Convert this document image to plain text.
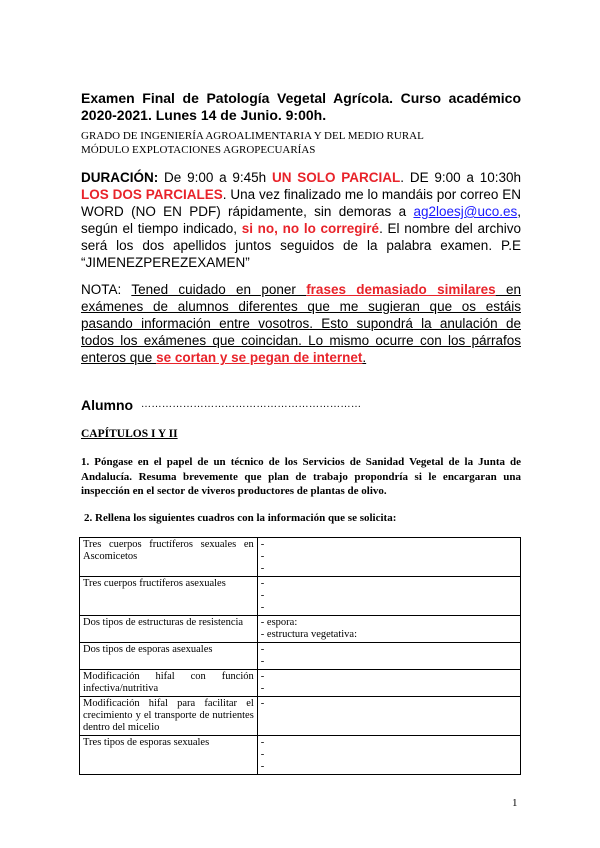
Examen Final de Patología Vegetal Agrícola. Curso académico 2020-2021. Lunes 14 de Junio. 9:00h.
GRADO DE INGENIERÍA AGROALIMENTARIA Y DEL MEDIO RURAL
MÓDULO EXPLOTACIONES AGROPECUARÍAS
DURACIÓN: De 9:00 a 9:45h UN SOLO PARCIAL. DE 9:00 a 10:30h LOS DOS PARCIALES. Una vez finalizado me lo mandáis por correo EN WORD (NO EN PDF) rápidamente, sin demoras a ag2loesj@uco.es, según el tiempo indicado, si no, no lo corregiré. El nombre del archivo será los dos apellidos juntos seguidos de la palabra examen. P.E “JIMENEZPEREZEXAMEN”
NOTA: Tened cuidado en poner frases demasiado similares en exámenes de alumnos diferentes que me sugieran que os estáis pasando información entre vosotros. Esto supondrá la anulación de todos los exámenes que coincidan. Lo mismo ocurre con los párrafos enteros que se cortan y se pegan de internet.
Alumno ………………………………………………………
CAPÍTULOS I Y II
1. Póngase en el papel de un técnico de los Servicios de Sanidad Vegetal de la Junta de Andalucía. Resuma brevemente que plan de trabajo propondría si le encargaran una inspección en el sector de viveros productores de plantas de olivo.
2. Rellena los siguientes cuadros con la información que se solicita:
Tres cuerpos fructíferos sexuales en Ascomicetos	-
-
-

Tres cuerpos fructíferos asexuales	-
-
-

Dos tipos de estructuras de resistencia	- espora:
- estructura vegetativa:

Dos tipos de esporas asexuales	-
-

Modificación hifal con función infectiva/nutritiva	-
-

Modificación hifal para facilitar el crecimiento y el transporte de nutrientes dentro del micelio	-

Tres tipos de esporas sexuales	-
-
-
1
